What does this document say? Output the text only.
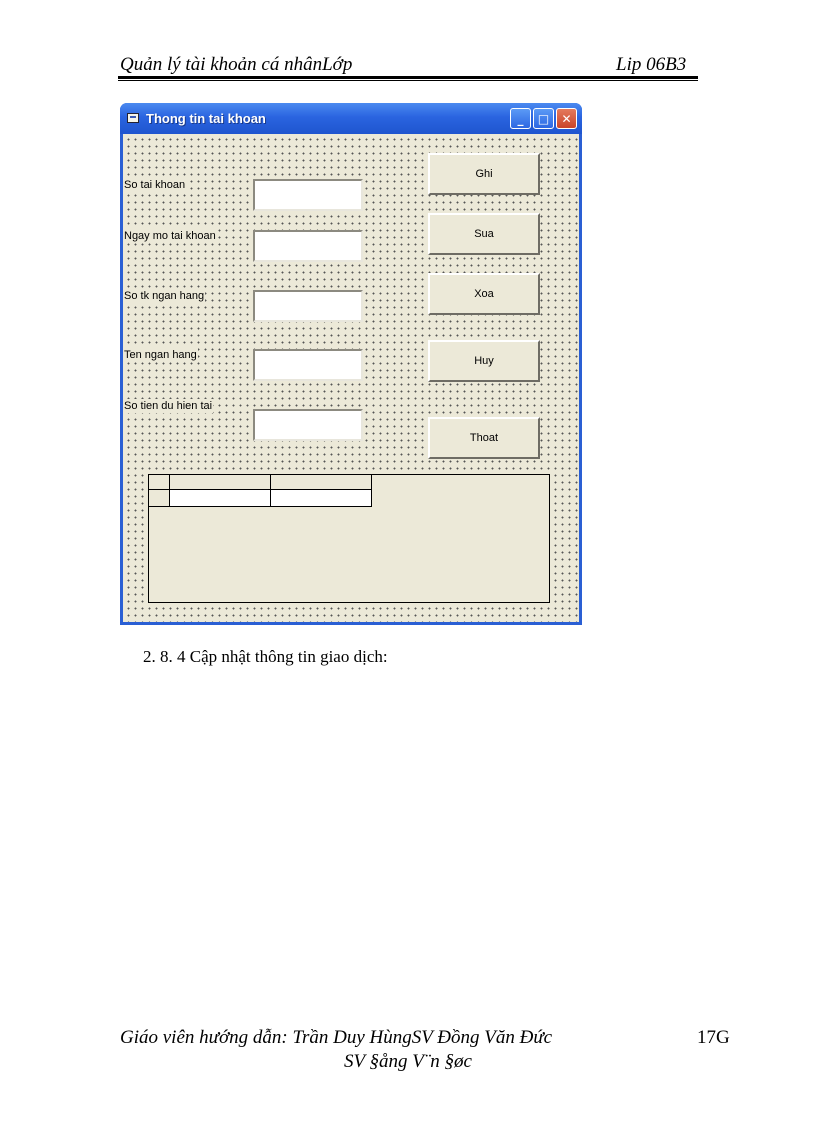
Quản lý tài khoản cá nhânLớp	Lip 06B3
Thong tin tai khoan	_ □ ✕
So tai khoan
Ngay mo tai khoan
So tk ngan hang
Ten ngan hang
So tien du hien tai
Ghi
Sua
Xoa
Huy
Thoat
2. 8. 4 Cập nhật thông tin giao dịch:
Giáo viên hướng dẫn: Trần Duy HùngSV Đồng Văn Đức
SV §ång V¨n §øc
17G
